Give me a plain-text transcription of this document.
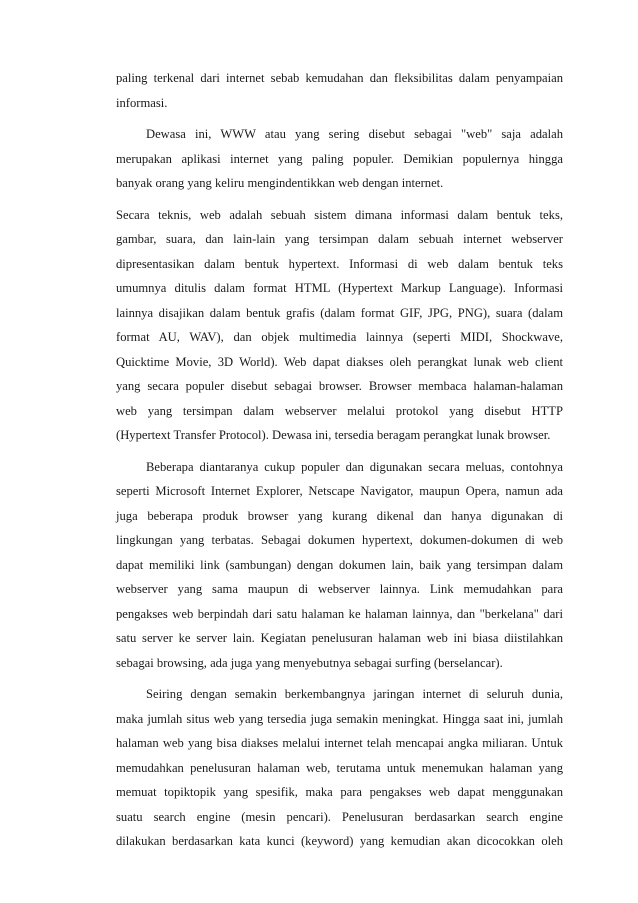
paling terkenal dari internet sebab kemudahan dan fleksibilitas dalam penyampaian
informasi.
Dewasa ini, WWW atau yang sering disebut sebagai "web" saja adalah
merupakan aplikasi internet yang paling populer. Demikian populernya hingga
banyak orang yang keliru mengindentikkan web dengan internet.
Secara teknis, web adalah sebuah sistem dimana informasi dalam bentuk teks,
gambar, suara, dan lain-lain yang tersimpan dalam sebuah internet webserver
dipresentasikan dalam bentuk hypertext. Informasi di web dalam bentuk teks
umumnya ditulis dalam format HTML (Hypertext Markup Language). Informasi
lainnya disajikan dalam bentuk grafis (dalam format GIF, JPG, PNG), suara (dalam
format AU, WAV), dan objek multimedia lainnya (seperti MIDI, Shockwave,
Quicktime Movie, 3D World). Web dapat diakses oleh perangkat lunak web client
yang secara populer disebut sebagai browser. Browser membaca halaman-halaman
web yang tersimpan dalam webserver melalui protokol yang disebut HTTP
(Hypertext Transfer Protocol). Dewasa ini, tersedia beragam perangkat lunak browser.
Beberapa diantaranya cukup populer dan digunakan secara meluas, contohnya
seperti Microsoft Internet Explorer, Netscape Navigator, maupun Opera, namun ada
juga beberapa produk browser yang kurang dikenal dan hanya digunakan di
lingkungan yang terbatas. Sebagai dokumen hypertext, dokumen-dokumen di web
dapat memiliki link (sambungan) dengan dokumen lain, baik yang tersimpan dalam
webserver yang sama maupun di webserver lainnya. Link memudahkan para
pengakses web berpindah dari satu halaman ke halaman lainnya, dan "berkelana" dari
satu server ke server lain. Kegiatan penelusuran halaman web ini biasa diistilahkan
sebagai browsing, ada juga yang menyebutnya sebagai surfing (berselancar).
Seiring dengan semakin berkembangnya jaringan internet di seluruh dunia,
maka jumlah situs web yang tersedia juga semakin meningkat. Hingga saat ini, jumlah
halaman web yang bisa diakses melalui internet telah mencapai angka miliaran. Untuk
memudahkan penelusuran halaman web, terutama untuk menemukan halaman yang
memuat topiktopik yang spesifik, maka para pengakses web dapat menggunakan
suatu search engine (mesin pencari). Penelusuran berdasarkan search engine
dilakukan berdasarkan kata kunci (keyword) yang kemudian akan dicocokkan oleh
